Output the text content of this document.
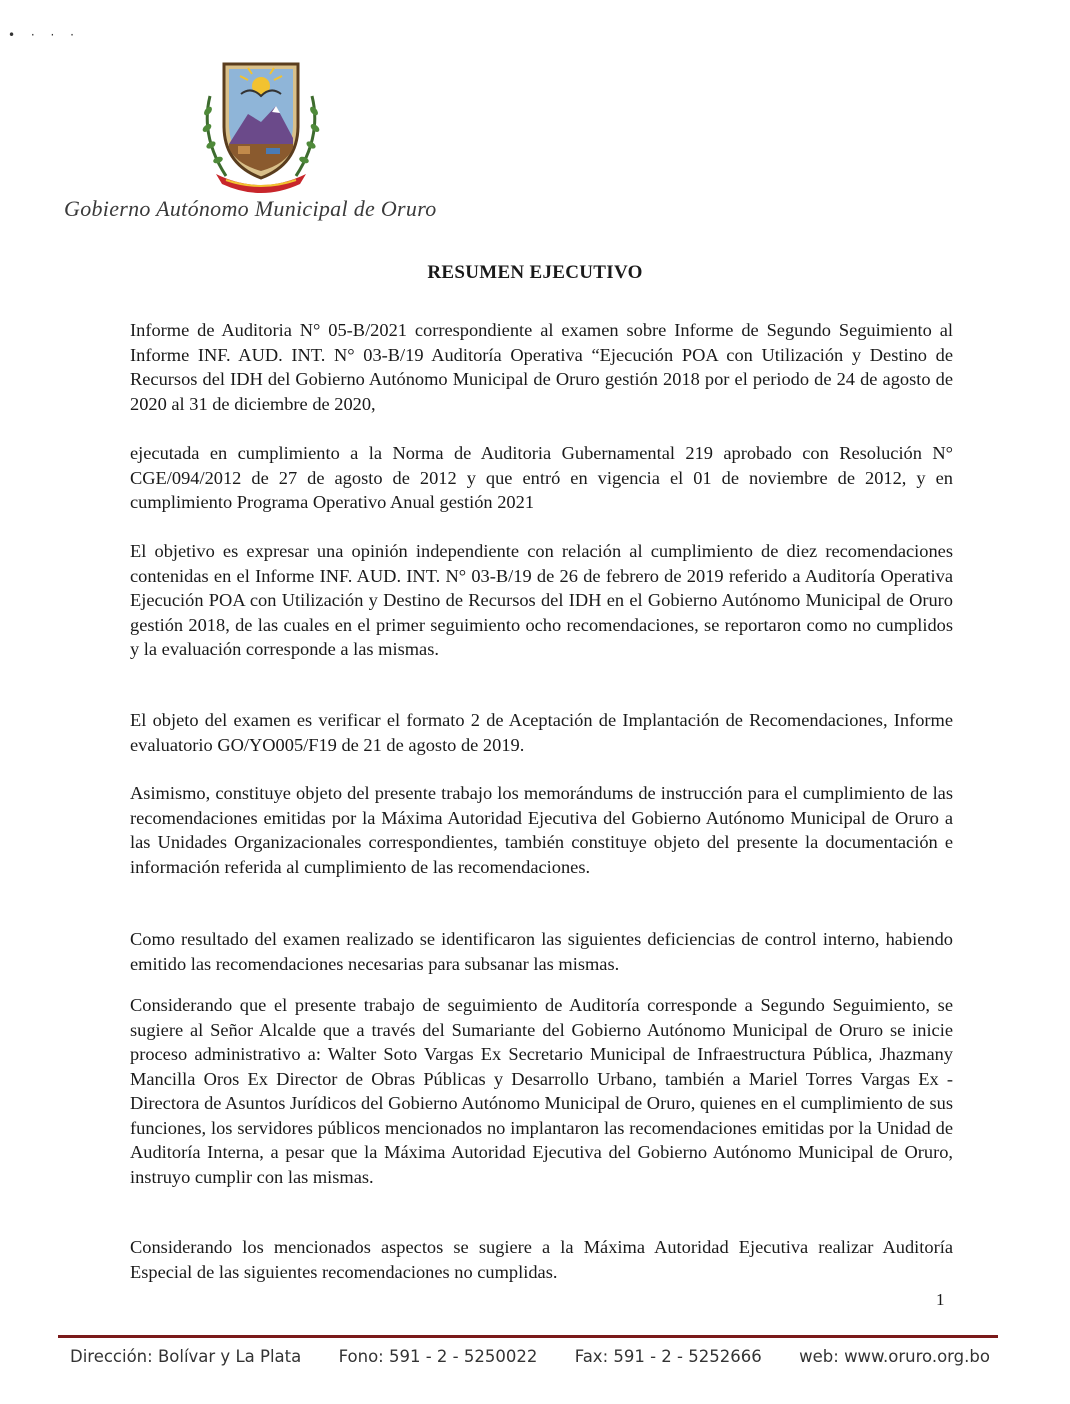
• · · ·
Gobierno Autónomo Municipal de Oruro
RESUMEN EJECUTIVO

Informe de Auditoria N° 05-B/2021 correspondiente al examen sobre Informe de Segundo Seguimiento al Informe INF. AUD. INT. N° 03-B/19 Auditoría Operativa “Ejecución POA con Utilización y Destino de Recursos del IDH del Gobierno Autónomo Municipal de Oruro gestión 2018 por el periodo de 24 de agosto de 2020 al 31 de diciembre de 2020,

ejecutada en cumplimiento a la Norma de Auditoria Gubernamental 219 aprobado con Resolución N° CGE/094/2012 de 27 de agosto de 2012 y que entró en vigencia el 01 de noviembre de 2012, y en cumplimiento Programa Operativo Anual gestión 2021

El objetivo es expresar una opinión independiente con relación al cumplimiento de diez recomendaciones contenidas en el Informe INF. AUD. INT. N° 03-B/19 de 26 de febrero de 2019 referido a Auditoría Operativa Ejecución POA con Utilización y Destino de Recursos del IDH en el Gobierno Autónomo Municipal de Oruro gestión 2018, de las cuales en el primer seguimiento ocho recomendaciones, se reportaron como no cumplidos y la evaluación corresponde a las mismas.

El objeto del examen es verificar el formato 2 de Aceptación de Implantación de Recomendaciones, Informe evaluatorio GO/YO005/F19 de 21 de agosto de 2019.

Asimismo, constituye objeto del presente trabajo los memorándums de instrucción para el cumplimiento de las recomendaciones emitidas por la Máxima Autoridad Ejecutiva del Gobierno Autónomo Municipal de Oruro a las Unidades Organizacionales correspondientes, también constituye objeto del presente la documentación e información referida al cumplimiento de las recomendaciones.

Como resultado del examen realizado se identificaron las siguientes deficiencias de control interno, habiendo emitido las recomendaciones necesarias para subsanar las mismas.

Considerando que el presente trabajo de seguimiento de Auditoría corresponde a Segundo Seguimiento, se sugiere al Señor Alcalde que a través del Sumariante del Gobierno Autónomo Municipal de Oruro se inicie proceso administrativo a: Walter Soto Vargas Ex Secretario Municipal de Infraestructura Pública, Jhazmany Mancilla Oros Ex Director de Obras Públicas y Desarrollo Urbano, también a Mariel Torres Vargas Ex - Directora de Asuntos Jurídicos del Gobierno Autónomo Municipal de Oruro, quienes en el cumplimiento de sus funciones, los servidores públicos mencionados no implantaron las recomendaciones emitidas por la Unidad de Auditoría Interna, a pesar que la Máxima Autoridad Ejecutiva del Gobierno Autónomo Municipal de Oruro, instruyo cumplir con las mismas.

Considerando los mencionados aspectos se sugiere a la Máxima Autoridad Ejecutiva realizar Auditoría Especial de las siguientes recomendaciones no cumplidas.

1
Dirección: Bolívar y La Plata Fono: 591 - 2 - 5250022 Fax: 591 - 2 - 5252666 web: www.oruro.org.bo
